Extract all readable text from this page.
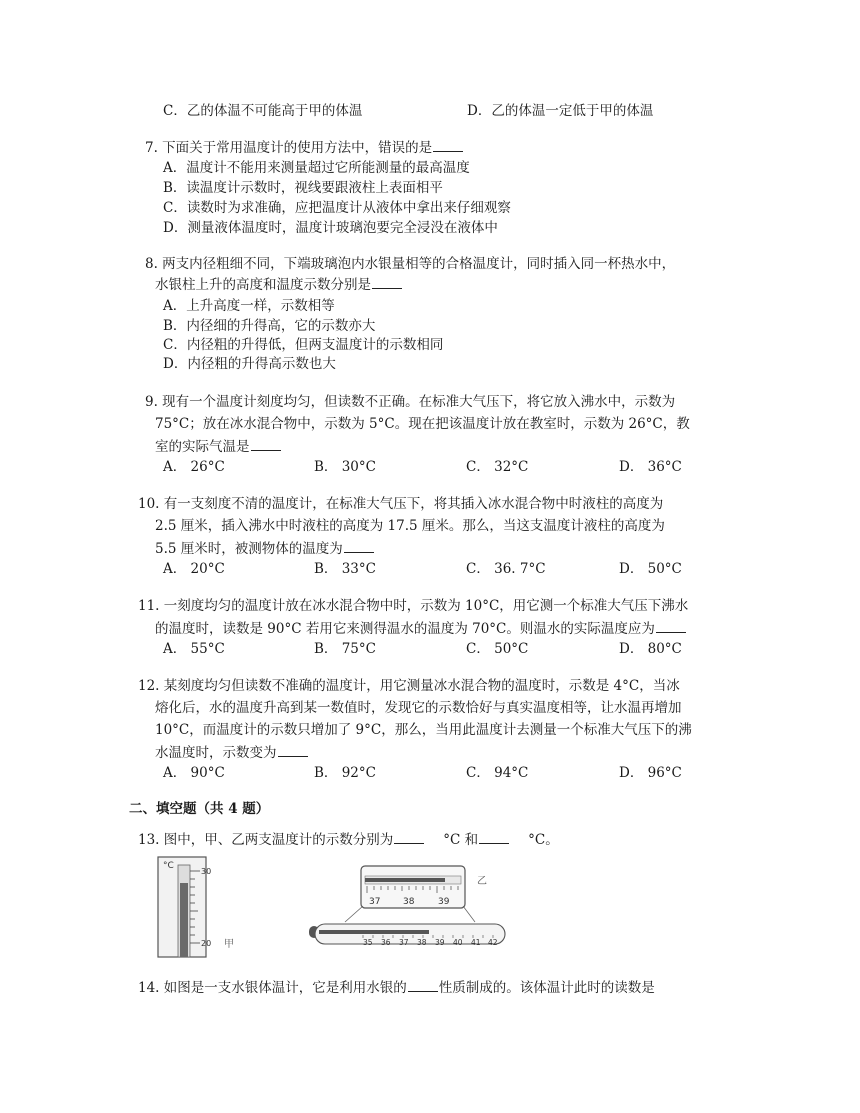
C．乙的体温不可能高于甲的体温	D．乙的体温一定低于甲的体温
7. 下面关于常用温度计的使用方法中，错误的是
A．温度计不能用来测量超过它所能测量的最高温度
B．读温度计示数时，视线要跟液柱上表面相平
C．读数时为求准确，应把温度计从液体中拿出来仔细观察
D．测量液体温度时，温度计玻璃泡要完全浸没在液体中
8. 两支内径粗细不同，下端玻璃泡内水银量相等的合格温度计，同时插入同一杯热水中，
水银柱上升的高度和温度示数分别是
A．上升高度一样，示数相等
B．内径细的升得高，它的示数亦大
C．内径粗的升得低，但两支温度计的示数相同
D．内径粗的升得高示数也大
9. 现有一个温度计刻度均匀，但读数不正确。在标准大气压下，将它放入沸水中，示数为
75°C；放在冰水混合物中，示数为 5°C。现在把该温度计放在教室时，示数为 26°C，教
室的实际气温是
A． 26°C	B． 30°C	C． 32°C	D． 36°C
10. 有一支刻度不清的温度计，在标准大气压下，将其插入冰水混合物中时液柱的高度为
2.5 厘米，插入沸水中时液柱的高度为 17.5 厘米。那么，当这支温度计液柱的高度为
5.5 厘米时，被测物体的温度为
A． 20°C	B． 33°C	C． 36. 7°C	D． 50°C
11. 一刻度均匀的温度计放在冰水混合物中时，示数为 10°C，用它测一个标准大气压下沸水
的温度时，读数是 90°C 若用它来测得温水的温度为 70°C。则温水的实际温度应为
A． 55°C	B． 75°C	C． 50°C	D． 80°C
12. 某刻度均匀但读数不准确的温度计，用它测量冰水混合物的温度时，示数是 4°C，当冰
熔化后，水的温度升高到某一数值时，发现它的示数恰好与真实温度相等，让水温再增加
10°C，而温度计的示数只增加了 9°C，那么，当用此温度计去测量一个标准大气压下的沸
水温度时，示数变为
A． 90°C	B． 92°C	C． 94°C	D． 96°C
二、填空题（共 4 题）
13. 图中，甲、乙两支温度计的示数分别为	°C 和	°C。
°C
30
20 甲
37	38	39
乙
35 36 37 38 39 40 41 42
14. 如图是一支水银体温计，它是利用水银的 性质制成的。该体温计此时的读数是
